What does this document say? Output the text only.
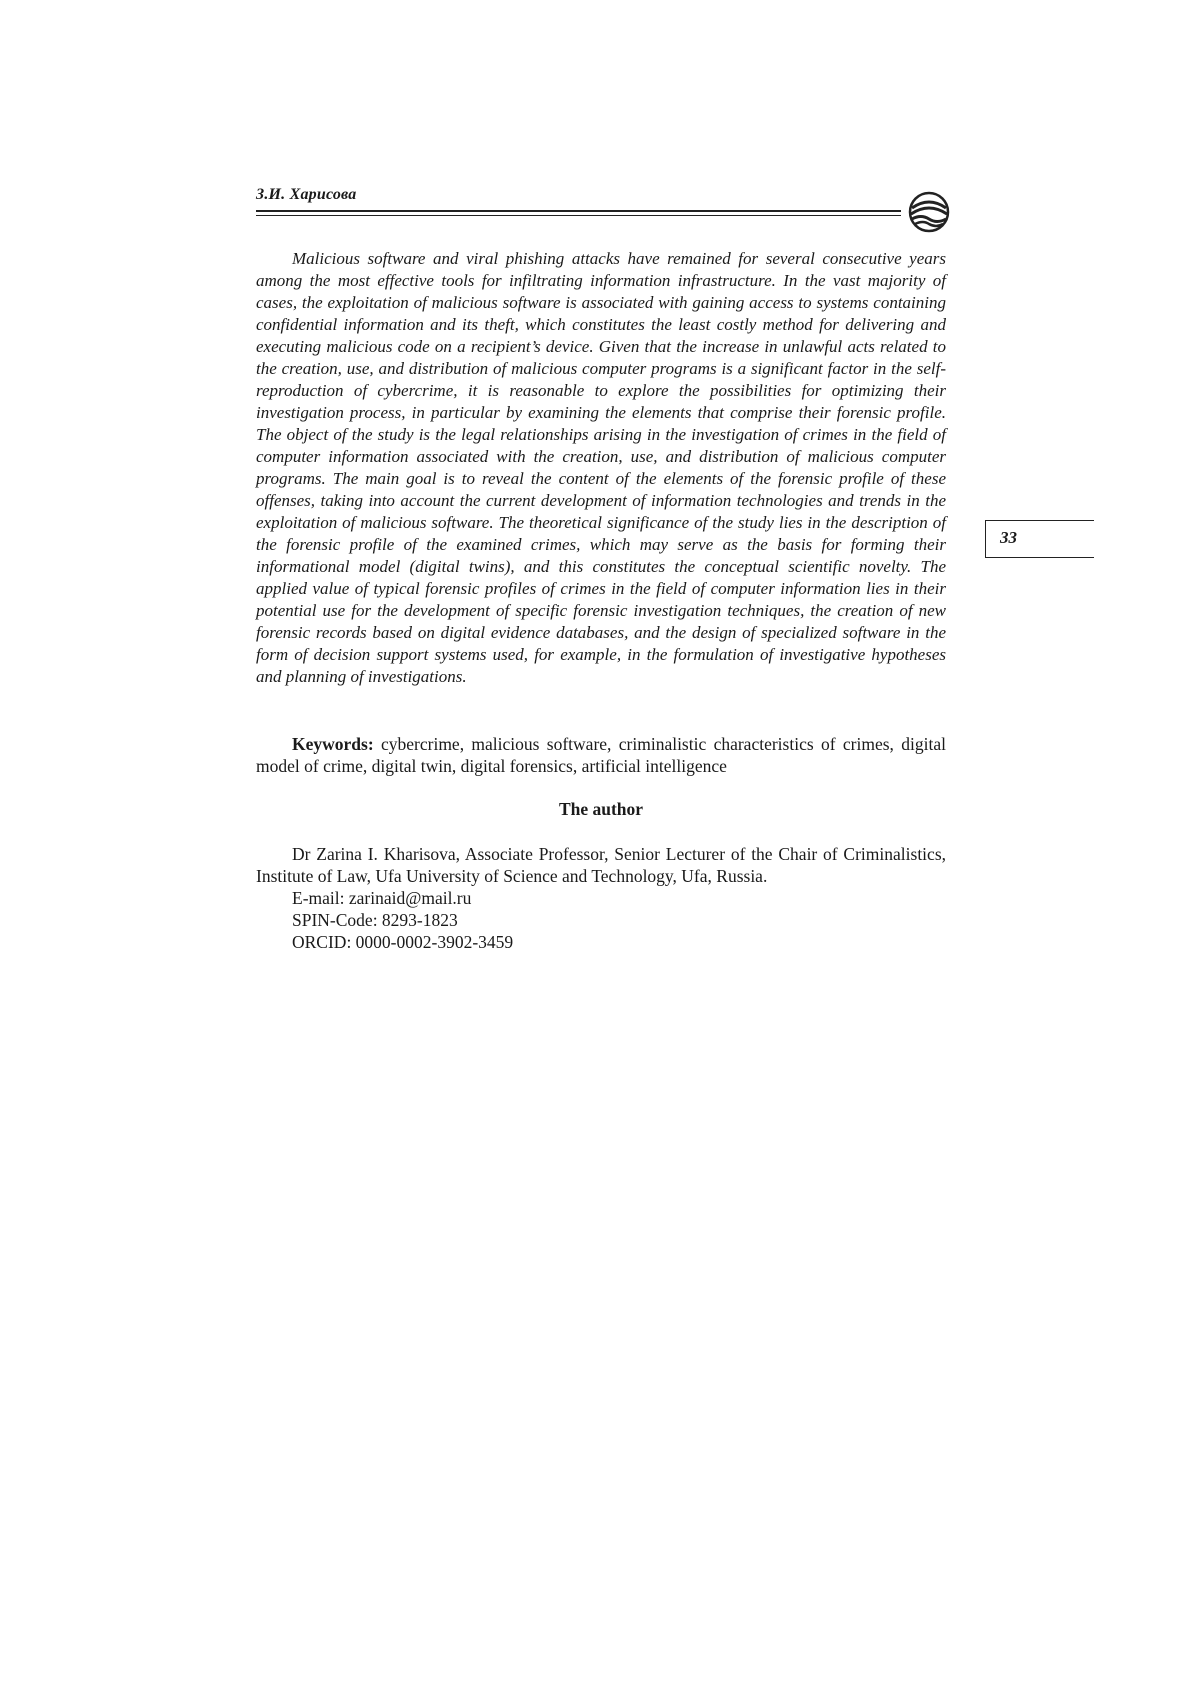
З.И. Харисова

Malicious software and viral phishing attacks have remained for several consecutive years among the most effective tools for infiltrating information infrastructure. In the vast majority of cases, the exploitation of malicious software is associated with gaining access to systems containing confidential information and its theft, which constitutes the least costly method for delivering and executing malicious code on a recipient’s device. Given that the increase in unlawful acts related to the creation, use, and distribution of malicious computer programs is a significant factor in the self-reproduction of cybercrime, it is reasonable to explore the possibilities for optimizing their investigation process, in particular by examining the elements that comprise their forensic profile. The object of the study is the legal relationships arising in the investigation of crimes in the field of computer information associated with the creation, use, and distribution of malicious computer programs. The main goal is to reveal the content of the elements of the forensic profile of these offenses, taking into account the current development of information technologies and trends in the exploitation of malicious software. The theoretical significance of the study lies in the description of the forensic profile of the examined crimes, which may serve as the basis for forming their informational model (digital twins), and this constitutes the conceptual scientific novelty. The applied value of typical forensic profiles of crimes in the field of computer information lies in their potential use for the development of specific forensic investigation techniques, the creation of new forensic records based on digital evidence databases, and the design of specialized software in the form of decision support systems used, for example, in the formulation of investigative hypotheses and planning of investigations.

Keywords: cybercrime, malicious software, criminalistic characteristics of crimes, digital model of crime, digital twin, digital forensics, artificial intelligence

The author

Dr Zarina I. Kharisova, Associate Professor, Senior Lecturer of the Chair of Criminalistics, Institute of Law, Ufa University of Science and Technology, Ufa, Russia.

E-mail: zarinaid@mail.ru
SPIN-Code: 8293-1823
ORCID: 0000-0002-3902-3459
33
